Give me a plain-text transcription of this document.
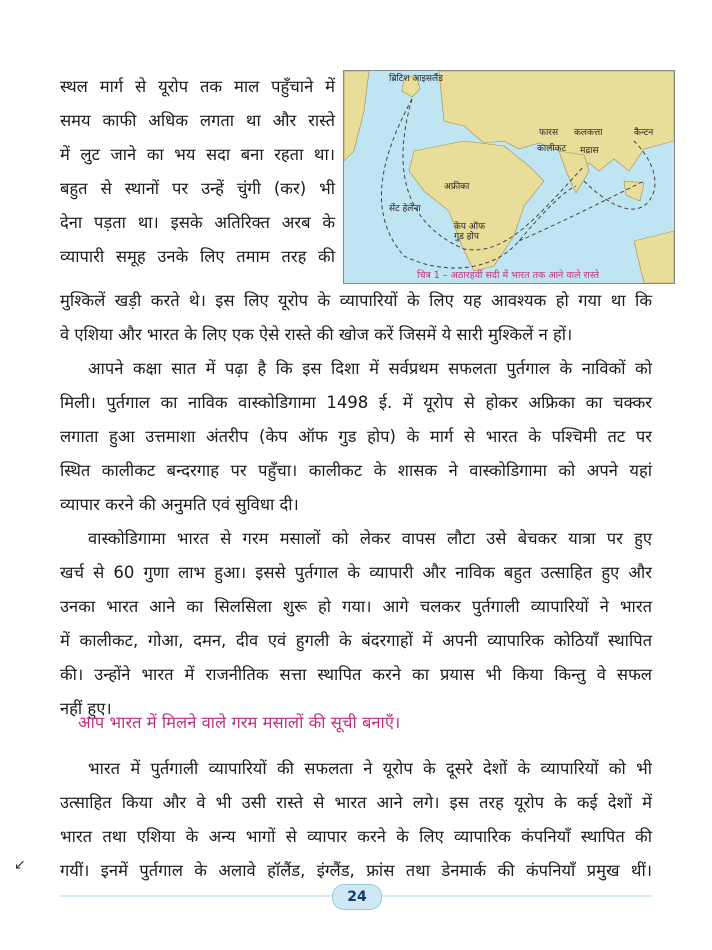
स्थल मार्ग से यूरोप तक माल पहुँचाने में
समय काफी अधिक लगता था और रास्ते
में लुट जाने का भय सदा बना रहता था।
बहुत से स्थानों पर उन्हें चुंगी (कर) भी
देना पड़ता था। इसके अतिरिक्त अरब के
व्यापारी समूह उनके लिए तमाम तरह की
मुश्किलें खड़ी करते थे। इस लिए यूरोप के व्यापारियों के लिए यह आवश्यक हो गया था कि
वे एशिया और भारत के लिए एक ऐसे रास्ते की खोज करें जिसमें ये सारी मुश्किलें न हों।
ब्रिटिश आइसलैंड
अफ्रीका
फारस कलकत्ता	कैन्टन
कालीकट मद्रास
केप ऑफ
गुड होप
सेंट हेलेना
चित्र 1 – अठारहवीं सदी में भारत तक आने वाले रास्ते
आपने कक्षा सात में पढ़ा है कि इस दिशा में सर्वप्रथम सफलता पुर्तगाल के नाविकों को
मिली। पुर्तगाल का नाविक वास्कोडिगामा 1498 ई. में यूरोप से होकर अफ्रिका का चक्कर
लगाता हुआ उत्तमाशा अंतरीप (केप ऑफ गुड होप) के मार्ग से भारत के पश्चिमी तट पर
स्थित कालीकट बन्दरगाह पर पहुँचा। कालीकट के शासक ने वास्कोडिगामा को अपने यहां
व्यापार करने की अनुमति एवं सुविधा दी।
वास्कोडिगामा भारत से गरम मसालों को लेकर वापस लौटा उसे बेचकर यात्रा पर हुए
खर्च से 60 गुणा लाभ हुआ। इससे पुर्तगाल के व्यापारी और नाविक बहुत उत्साहित हुए और
उनका भारत आने का सिलसिला शुरू हो गया। आगे चलकर पुर्तगाली व्यापारियों ने भारत
में कालीकट, गोआ, दमन, दीव एवं हुगली के बंदरगाहों में अपनी व्यापारिक कोठियाँ स्थापित
की। उन्होंने भारत में राजनीतिक सत्ता स्थापित करने का प्रयास भी किया किन्तु वे सफल
नहीं हुए।
आप भारत में मिलने वाले गरम मसालों की सूची बनाएँ।
भारत में पुर्तगाली व्यापारियों की सफलता ने यूरोप के दूसरे देशों के व्यापारियों को भी
उत्साहित किया और वे भी उसी रास्ते से भारत आने लगे। इस तरह यूरोप के कई देशों में
भारत तथा एशिया के अन्य भागों से व्यापार करने के लिए व्यापारिक कंपनियाँ स्थापित की
गयीं। इनमें पुर्तगाल के अलावे हॉलैंड, इंग्लैंड, फ्रांस तथा डेनमार्क की कंपनियाँ प्रमुख थीं।
↙
24
